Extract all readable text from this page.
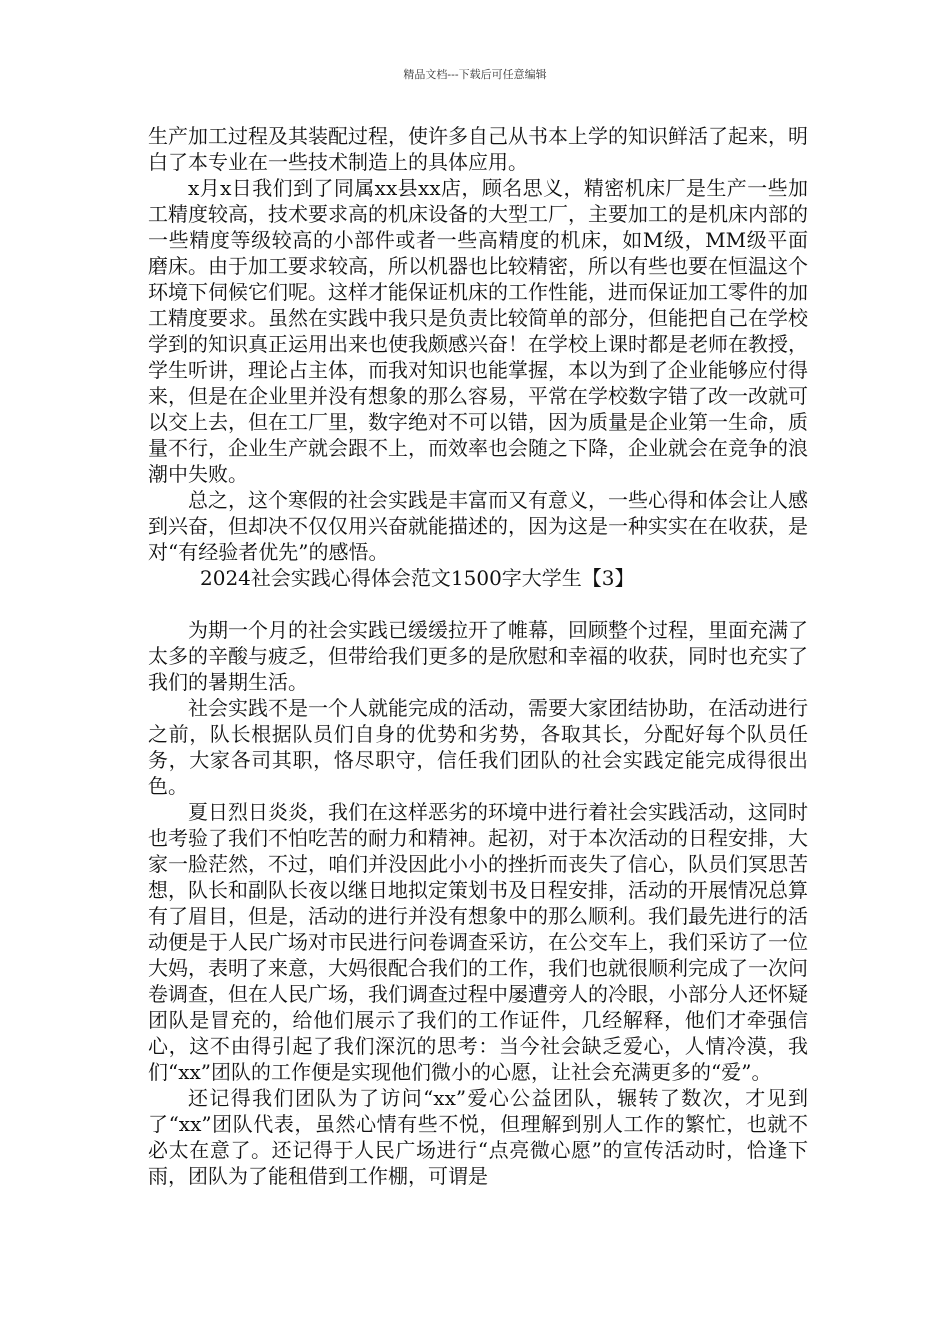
精品文档---下载后可任意编辑

生产加工过程及其装配过程，使许多自己从书本上学的知识鲜活了起来，明白了本专业在一些技术制造上的具体应用。

x月x日我们到了同属xx县xx店，顾名思义，精密机床厂是生产一些加工精度较高，技术要求高的机床设备的大型工厂，主要加工的是机床内部的一些精度等级较高的小部件或者一些高精度的机床，如M级，MM级平面磨床。由于加工要求较高，所以机器也比较精密，所以有些也要在恒温这个环境下伺候它们呢。这样才能保证机床的工作性能，进而保证加工零件的加工精度要求。虽然在实践中我只是负责比较简单的部分，但能把自己在学校学到的知识真正运用出来也使我颇感兴奋！在学校上课时都是老师在教授，学生听讲，理论占主体，而我对知识也能掌握，本以为到了企业能够应付得来，但是在企业里并没有想象的那么容易，平常在学校数字错了改一改就可以交上去，但在工厂里，数字绝对不可以错，因为质量是企业第一生命，质量不行，企业生产就会跟不上，而效率也会随之下降，企业就会在竞争的浪潮中失败。

总之，这个寒假的社会实践是丰富而又有意义，一些心得和体会让人感到兴奋，但却决不仅仅用兴奋就能描述的，因为这是一种实实在在收获，是对“有经验者优先”的感悟。

2024社会实践心得体会范文1500字大学生【3】

为期一个月的社会实践已缓缓拉开了帷幕，回顾整个过程，里面充满了太多的辛酸与疲乏，但带给我们更多的是欣慰和幸福的收获，同时也充实了我们的暑期生活。

社会实践不是一个人就能完成的活动，需要大家团结协助，在活动进行之前，队长根据队员们自身的优势和劣势，各取其长，分配好每个队员任务，大家各司其职，恪尽职守，信任我们团队的社会实践定能完成得很出色。

夏日烈日炎炎，我们在这样恶劣的环境中进行着社会实践活动，这同时也考验了我们不怕吃苦的耐力和精神。起初，对于本次活动的日程安排，大家一脸茫然，不过，咱们并没因此小小的挫折而丧失了信心，队员们冥思苦想，队长和副队长夜以继日地拟定策划书及日程安排，活动的开展情况总算有了眉目，但是，活动的进行并没有想象中的那么顺利。我们最先进行的活动便是于人民广场对市民进行问卷调查采访，在公交车上，我们采访了一位大妈，表明了来意，大妈很配合我们的工作，我们也就很顺利完成了一次问卷调查，但在人民广场，我们调查过程中屡遭旁人的冷眼，小部分人还怀疑团队是冒充的，给他们展示了我们的工作证件，几经解释，他们才牵强信心，这不由得引起了我们深沉的思考：当今社会缺乏爱心，人情冷漠，我们“xx”团队的工作便是实现他们微小的心愿，让社会充满更多的“爱”。

还记得我们团队为了访问“xx”爱心公益团队，辗转了数次，才见到了“xx”团队代表，虽然心情有些不悦，但理解到别人工作的繁忙，也就不必太在意了。还记得于人民广场进行“点亮微心愿”的宣传活动时，恰逢下雨，团队为了能租借到工作棚，可谓是
